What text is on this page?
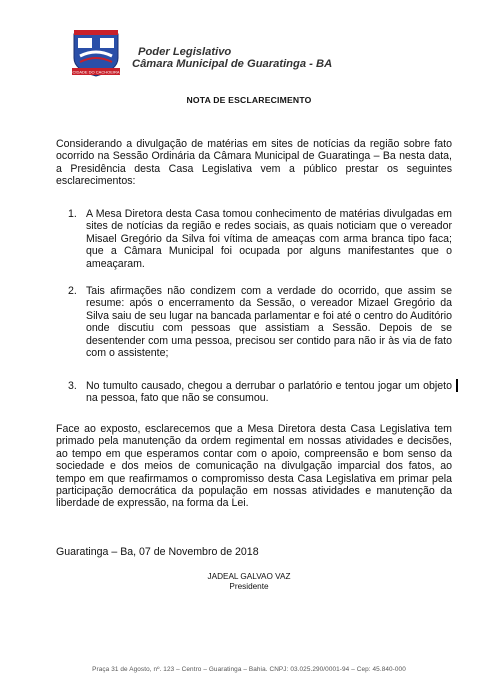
CIDADE DO CACHOEIRA
Poder Legislativo
Câmara Municipal de Guaratinga - BA
NOTA DE ESCLARECIMENTO

Considerando a divulgação de matérias em sites de notícias da região sobre fato ocorrido na Sessão Ordinária da Câmara Municipal de Guaratinga – Ba nesta data, a Presidência desta Casa Legislativa vem a público prestar os seguintes esclarecimentos:

1. A Mesa Diretora desta Casa tomou conhecimento de matérias divulgadas em sites de notícias da região e redes sociais, as quais noticiam que o vereador Misael Gregório da Silva foi vítima de ameaças com arma branca tipo faca; que a Câmara Municipal foi ocupada por alguns manifestantes que o ameaçaram.
2. Tais afirmações não condizem com a verdade do ocorrido, que assim se resume: após o encerramento da Sessão, o vereador Mizael Gregório da Silva saiu de seu lugar na bancada parlamentar e foi até o centro do Auditório onde discutiu com pessoas que assistiam a Sessão. Depois de se desentender com uma pessoa, precisou ser contido para não ir às via de fato com o assistente;
3. No tumulto causado, chegou a derrubar o parlatório e tentou jogar um objeto na pessoa, fato que não se consumou.

Face ao exposto, esclarecemos que a Mesa Diretora desta Casa Legislativa tem primado pela manutenção da ordem regimental em nossas atividades e decisões, ao tempo em que esperamos contar com o apoio, compreensão e bom senso da sociedade e dos meios de comunicação na divulgação imparcial dos fatos, ao tempo em que reafirmamos o compromisso desta Casa Legislativa em primar pela participação democrática da população em nossas atividades e manutenção da liberdade de expressão, na forma da Lei.

Guaratinga – Ba, 07 de Novembro de 2018
JADEAL GALVAO VAZ
Presidente
Praça 31 de Agosto, nº. 123 – Centro – Guaratinga – Bahia. CNPJ: 03.025.290/0001-94 – Cep: 45.840-000
